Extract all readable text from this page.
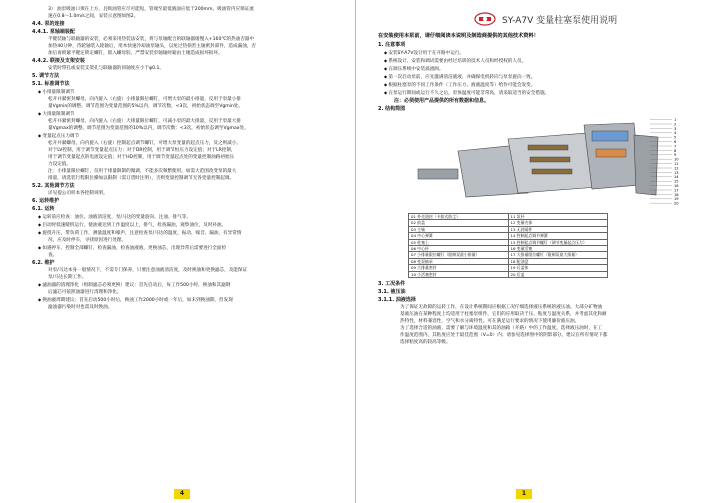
3） 油泵吸油口须在上方，且吸油管应尽可能短，管端至最低液面应低于200mm。吸油管内应保证流
速在0.8～1.0m/s之间，安装示意图如图2。
4.4. 泵的连接
4.4.1. 泵轴端装配
半键装轴与联轴器的安装，必须采用热装法安装，将与泵轴配合的联轴器缓慢入+160℃的热油否器中
加热40分钟，待轮轴装入轮轴后，用木快速冷却油泵轴头，以免过热损害主轴密封部件，造成漏油，否
加后再锁紧平键定锁定螺钉，嵌入螺母胶，严禁安装泵轴轴时箱由土锤造成损坏损坏。
4.4.2. 联接及支架安装
安装时带孔或安装支架孔与联轴器的同轴度应小于φ0.1。
5. 调节方法
5.1. 标准调节法
◆ 小排量限制调节
松开并紧密封螺母，向内旋入（右旋）小排量限位螺钉，可增大泵的最小排量，反用于泵最小排
量Vgmin的调整。调节范围为变量范围的5%以内，调节次数，<3次，初始状态调至Vgmin处。
◆ 大排量限制调节
松开并紧密封螺母，向内旋入（右旋）大排量限位螺钉，可减小泵的最大排量，反用于泵最大排
量Vgmax的调整。调节范围为变量范围的10%以内，调节次数：<3次，初始状态调至Vgmax处。
◆ 变量起点压力调节
松开并紧螺母，向内旋入（右旋）控制起点调节螺钉，可增大泵变量的起点压力，反之则减小。
对于LV控制，用于调节变量起点压力；对于DR控制，用于调节恒压力设定值；对于LR控制，
用于调节变量起点的电流设定值；对于HD控制，用于调节变量起点处的变量控制油路初始压
力设定值。
注：小排量限位螺钉，仅用于排量限制的微调，不能多次频繁使用。如需大范围改变泵的最大
排量，请选装行程限位操加以限制（需订货时注明），否则变量控制调节无各变量控制起调。
5.2. 其他调节方法
详见提公司样本各控制说明。
6. 运转维护
6.1. 运转
◆ 运转前应检查：油位、油液清洁度，泵/马达的变量旋向、注油、排气等。
◆ 启动时低速暖机运行，使油液达到工作温度以上，排气，检查漏油，观察油位，及时补油。
◆ 旋绕升压，带负荷工作，测量温度和噪声，注意检查泵/马达的温度、振动、噪音、漏油，有异常情
况，应及时停车，寻找原因进行处理。
◆ 如遇停车，控制全部螺钉，检查漏油，检查油液液，更换油芯，出现异常后需要进行全面检
查。
6.2. 维护
对泵/马达本身一般情况下，不需专门保养，只要注意油液清洁度，及时换油和更换滤芯，及能保证
泵/马达长期工作。
◆ 滤油器的清理净化（组制滤芯必须更换）建议：首先启动后，每工作500小时，换油和其滤钢
后滤芯可依照油器进行清理和净化。
◆ 换油液周期建议：首先启动500小时后，换油工作2000小时或一年后，如未到换油期，但发现
滤油器污染时对也需及时换油。
4
SY-A7V 变量柱塞泵使用说明
在安装使用本泵前，请仔细阅读本说明及制造商提供的其他技术资料！
1. 注意事项
◆ 安装SY-A7V设计用于在开路中运行。
◆ 系统设计、安装和调试需要由经过培训的技术人员和经授权的人员。
◆ 在调压系统中安装溢流阀。
◆ 第一次启动泵前，应先灌满清洁液液，并确保电机转向与泵泵旋向一致。
◆ 根据柱塞泵的不同工作条件（工作压力、液液温度等）给作可能会发变。
◆ 在泵运行期间或运行不久之后，泵体温度可能非常高，请采取适当的安全措施。
注：必须使用产品提供的所有数据和信息。
2. 结构简图
1
2
3
4
5
6
7
8
9
10
11
12
13
14
15
16
17
18
19
20
01 外壳油封（卡扣式防尘）	11 泵杆
02 前盖	12 变量壳体
03 主轴	13 无封隔件
04 中心弹簧	14 控制起点调节弹簧
05 柱塞上	15 控制起点调节螺钉（调节变量起点压力）
06 中心杆	16 变量活塞
07 小排量限位螺钉（限制泵最小排量）	17 大排量限位螺钉（限制泵最大排量）
08 变泵轴承	18 配油盘
09 大排量密封	19 后盖体
10 小活塞密封	20 后盖
3. 工况条件
3.1. 液压油
3.1.1. 油液选择
为了保证无故障的运转工作，在设计系统期间应根据工况仔细选择液压系统的液压油。大部分矿物油
基液压油在某种程度上均适用于柱塞泵组件，它们的应用取决于压、粘度与温度关系，并考虑其化和耐
热特性，材料兼容性，空气和水分离特性。可在满足运行要求的情况下使用廉价液压油。
为了选择合适的油液，需要了解与环境温度和其的油箱（开路）中的工作温度。选择液压油时，在工
作温度范围内，其粘度应处于最佳范围（V=0）内；请参见选择图中的阴影部分。建议在所有情况下都
选择粘度高的较高等级。
1
